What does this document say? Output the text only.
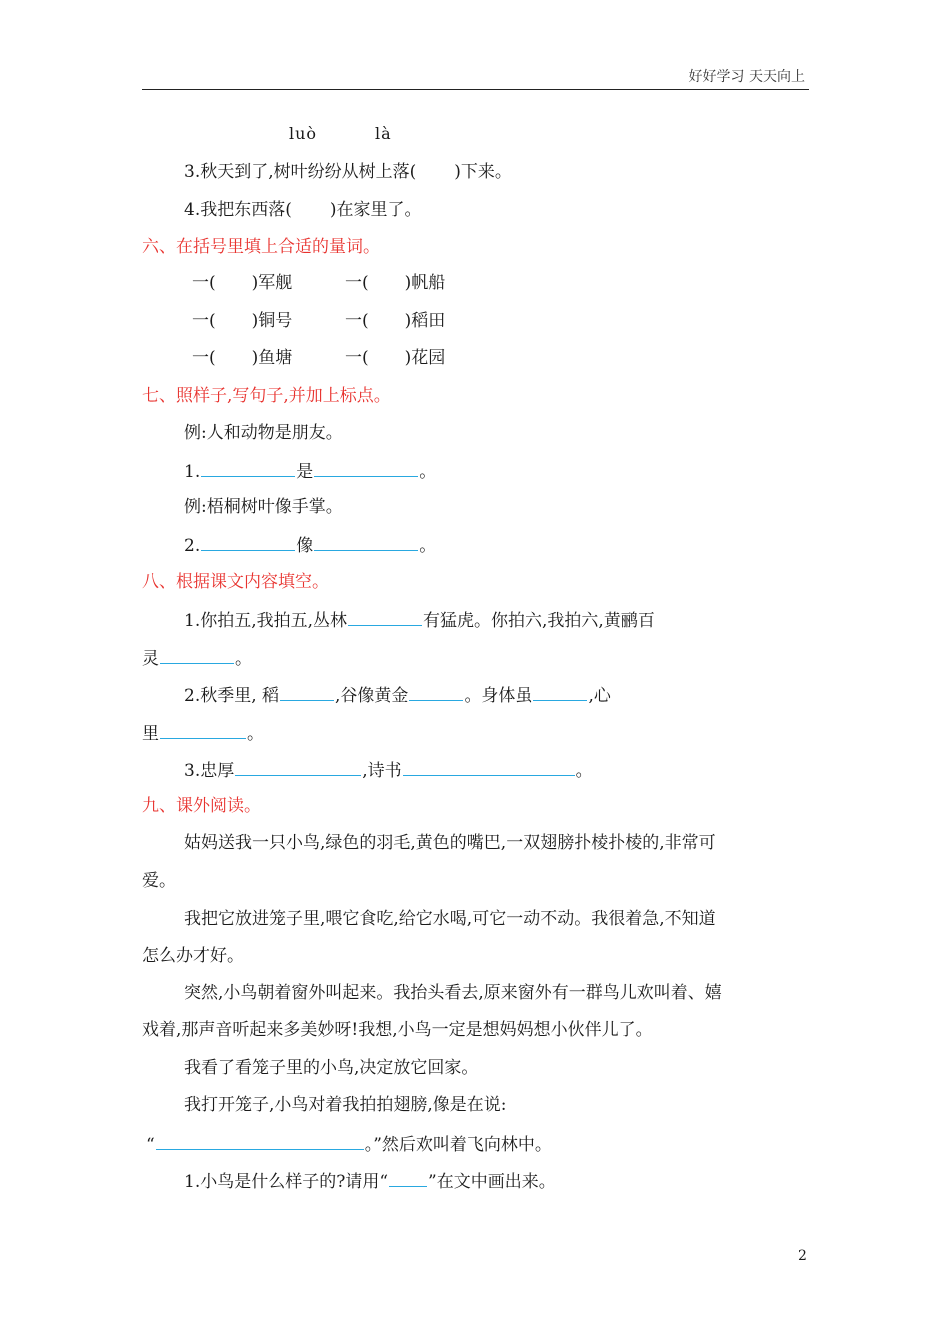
好好学习 天天向上
luò	là
3.秋天到了,树叶纷纷从树上落( )下来。
4.我把东西落( )在家里了。
六、在括号里填上合适的量词。
一( )军舰	一( )帆船
一( )铜号	一( )稻田
一( )鱼塘	一( )花园
七、照样子,写句子,并加上标点。
例:人和动物是朋友。
1.	是	。
例:梧桐树叶像手掌。
2.	像	。
八、根据课文内容填空。
1.你拍五,我拍五,丛林	有猛虎。你拍六,我拍六,黄鹂百
灵	。
2.秋季里, 稻	,谷像黄金	。身体虽	,心
里	。
3.忠厚	,诗书	。
九、课外阅读。
姑妈送我一只小鸟,绿色的羽毛,黄色的嘴巴,一双翅膀扑棱扑棱的,非常可
爱。
我把它放进笼子里,喂它食吃,给它水喝,可它一动不动。我很着急,不知道
怎么办才好。
突然,小鸟朝着窗外叫起来。我抬头看去,原来窗外有一群鸟儿欢叫着、嬉
戏着,那声音听起来多美妙呀!我想,小鸟一定是想妈妈想小伙伴儿了。
我看了看笼子里的小鸟,决定放它回家。
我打开笼子,小鸟对着我拍拍翅膀,像是在说:
“	。”然后欢叫着飞向林中。
1.小鸟是什么样子的?请用“ ”在文中画出来。
2
